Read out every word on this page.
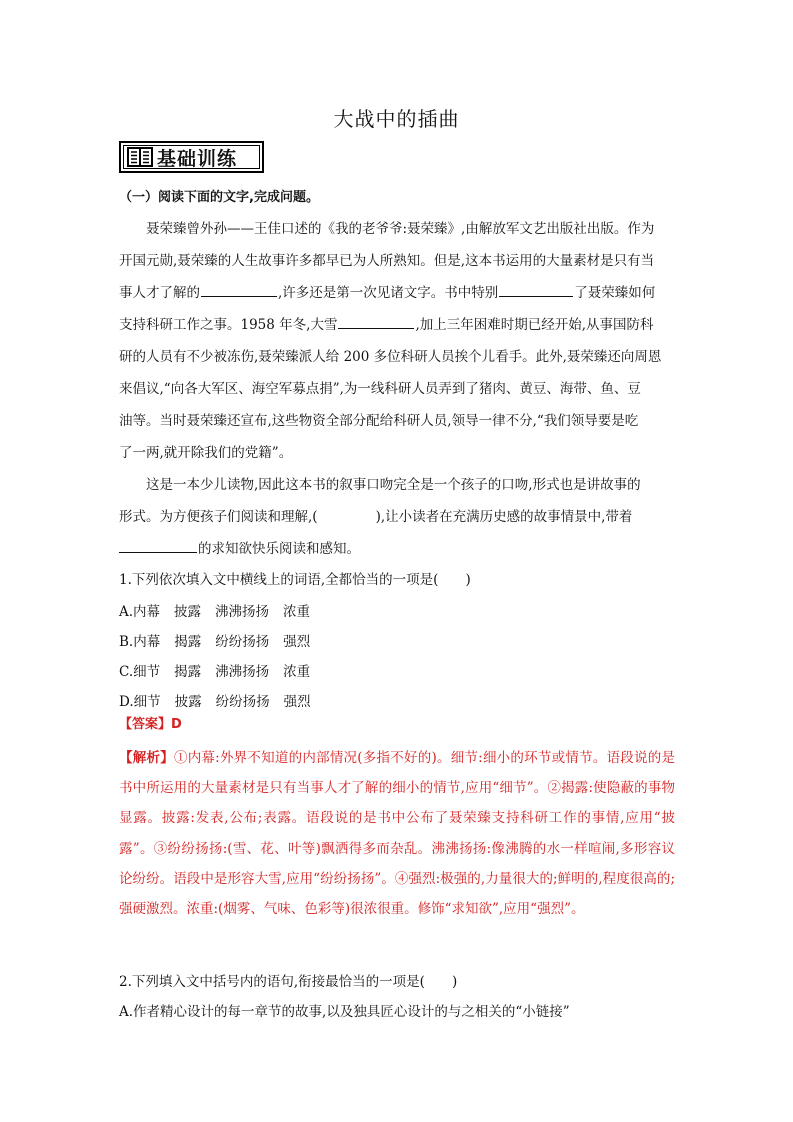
大战中的插曲
基础训练
（一）阅读下面的文字,完成问题。
聂荣臻曾外孙——王佳口述的《我的老爷爷:聂荣臻》,由解放军文艺出版社出版。作为
开国元勋,聂荣臻的人生故事许多都早已为人所熟知。但是,这本书运用的大量素材是只有当
事人才了解的	,许多还是第一次见诸文字。书中特别	了聂荣臻如何
支持科研工作之事。1958 年冬,大雪	,加上三年困难时期已经开始,从事国防科
研的人员有不少被冻伤,聂荣臻派人给 200 多位科研人员挨个儿看手。此外,聂荣臻还向周恩
来倡议,“向各大军区、海空军募点捐”,为一线科研人员弄到了猪肉、黄豆、海带、鱼、豆
油等。当时聂荣臻还宣布,这些物资全部分配给科研人员,领导一律不分,“我们领导要是吃
了一两,就开除我们的党籍”。
这是一本少儿读物,因此这本书的叙事口吻完全是一个孩子的口吻,形式也是讲故事的
形式。为方便孩子们阅读和理解,(	),让小读者在充满历史感的故事情景中,带着
的求知欲快乐阅读和感知。
1.下列依次填入文中横线上的词语,全都恰当的一项是(　　)
A.内幕 披露 沸沸扬扬 浓重
B.内幕 揭露 纷纷扬扬 强烈
C.细节 揭露 沸沸扬扬 浓重
D.细节 披露 纷纷扬扬 强烈
【答案】D
【解析】①内幕:外界不知道的内部情况(多指不好的)。细节:细小的环节或情节。语段说的是书中所运用的大量素材是只有当事人才了解的细小的情节,应用“细节”。②揭露:使隐蔽的事物显露。披露:发表,公布;表露。语段说的是书中公布了聂荣臻支持科研工作的事情,应用“披露”。③纷纷扬扬:(雪、花、叶等)飘洒得多而杂乱。沸沸扬扬:像沸腾的水一样喧闹,多形容议论纷纷。语段中是形容大雪,应用“纷纷扬扬”。④强烈:极强的,力量很大的;鲜明的,程度很高的;强硬激烈。浓重:(烟雾、气味、色彩等)很浓很重。修饰“求知欲”,应用“强烈”。
2.下列填入文中括号内的语句,衔接最恰当的一项是(　　)
A.作者精心设计的每一章节的故事,以及独具匠心设计的与之相关的“小链接”
